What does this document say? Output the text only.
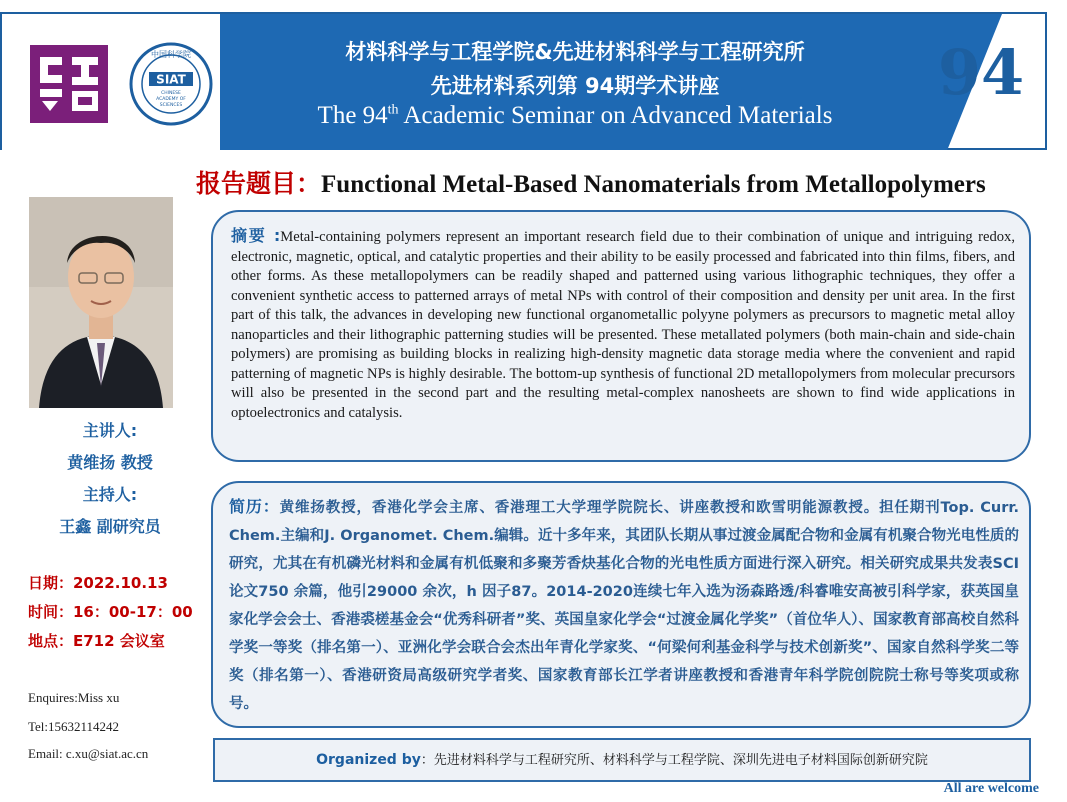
中国科学院
SIAT
CHINESE
ACADEMY OF
SCIENCES
材料科学与工程学院&先进材料科学与工程研究所
先进材料系列第 94期学术讲座
The 94th Academic Seminar on Advanced Materials
94
报告题目：Functional Metal-Based Nanomaterials from Metallopolymers
主讲人:
黄维扬 教授
主持人:
王鑫 副研究员
日期：2022.10.13
时间：16：00-17：00
地点：E712 会议室
Enquires:Miss xu
Tel:15632114242
Email: c.xu@siat.ac.cn
摘要 :Metal-containing polymers represent an important research field due to their combination of unique and intriguing redox, electronic, magnetic, optical, and catalytic properties and their ability to be easily processed and fabricated into thin films, fibers, and other forms. As these metallopolymers can be readily shaped and patterned using various lithographic techniques, they offer a convenient synthetic access to patterned arrays of metal NPs with control of their composition and density per unit area. In the first part of this talk, the advances in developing new functional organometallic polyyne polymers as precursors to magnetic metal alloy nanoparticles and their lithographic patterning studies will be presented. These metallated polymers (both main-chain and side-chain polymers) are promising as building blocks in realizing high-density magnetic data storage media where the convenient and rapid patterning of magnetic NPs is highly desirable. The bottom-up synthesis of functional 2D metallopolymers from molecular precursors will also be presented in the second part and the resulting metal-complex nanosheets are shown to find wide applications in optoelectronics and catalysis.
简历：黄维扬教授，香港化学会主席、香港理工大学理学院院长、讲座教授和欧雪明能源教授。担任期刊Top. Curr. Chem.主编和J. Organomet. Chem.编辑。近十多年来，其团队长期从事过渡金属配合物和金属有机聚合物光电性质的研究，尤其在有机磷光材料和金属有机低聚和多聚芳香炔基化合物的光电性质方面进行深入研究。相关研究成果共发表SCI 论文750 余篇，他引29000 余次，h 因子87。2014-2020连续七年入选为汤森路透/科睿唯安高被引科学家，获英国皇家化学会会士、香港裘槎基金会“优秀科研者”奖、英国皇家化学会“过渡金属化学奖”（首位华人）、国家教育部高校自然科学奖一等奖（排名第一）、亚洲化学会联合会杰出年青化学家奖、“何梁何利基金科学与技术创新奖”、国家自然科学奖二等奖（排名第一）、香港研资局高级研究学者奖、国家教育部长江学者讲座教授和香港青年科学院创院院士称号等奖项或称号。
Organized by：先进材料科学与工程研究所、材料科学与工程学院、深圳先进电子材料国际创新研究院
All are welcome
